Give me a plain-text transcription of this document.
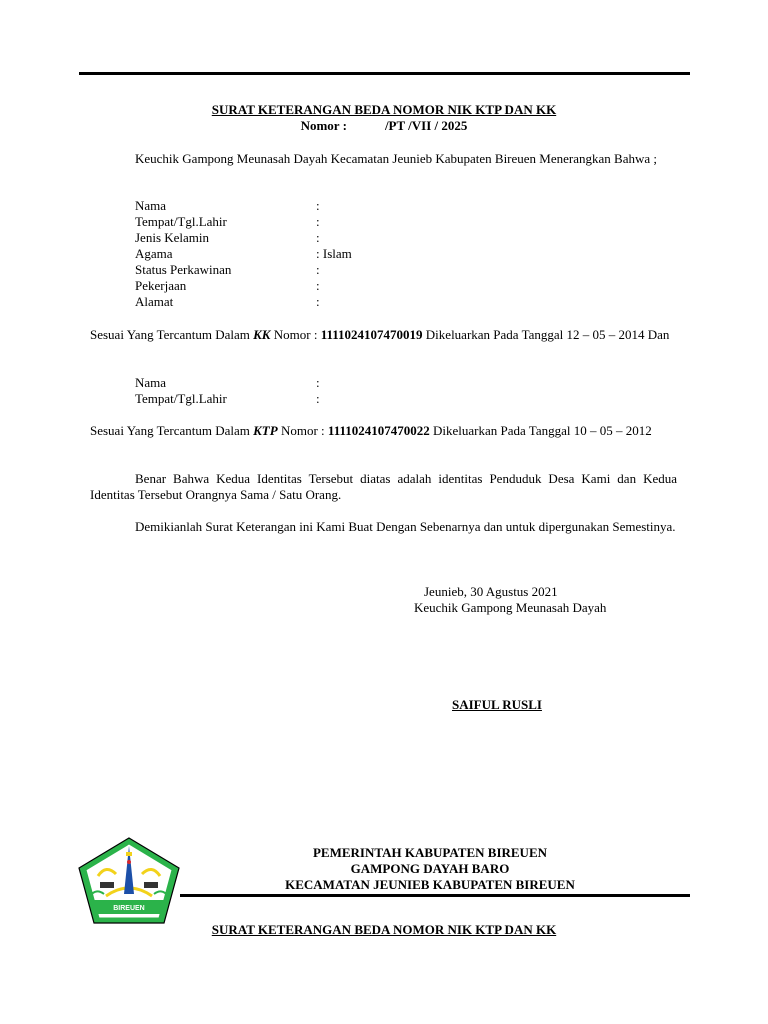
SURAT KETERANGAN BEDA NOMOR NIK KTP DAN KK
Nomor :	/PT /VII / 2025
Keuchik Gampong Meunasah Dayah Kecamatan Jeunieb Kabupaten Bireuen Menerangkan Bahwa ;
Nama	:
Tempat/Tgl.Lahir	:
Jenis Kelamin	:
Agama	: Islam
Status Perkawinan	:
Pekerjaan	:
Alamat	:
Sesuai Yang Tercantum Dalam KK Nomor : 1111024107470019 Dikeluarkan Pada Tanggal 12 – 05 – 2014 Dan
Nama	:
Tempat/Tgl.Lahir	:
Sesuai Yang Tercantum Dalam KTP Nomor : 1111024107470022 Dikeluarkan Pada Tanggal 10 – 05 – 2012
Benar Bahwa Kedua Identitas Tersebut diatas adalah identitas Penduduk Desa Kami dan Kedua Identitas Tersebut Orangnya Sama / Satu Orang.
Demikianlah Surat Keterangan ini Kami Buat Dengan Sebenarnya dan untuk dipergunakan Semestinya.
Jeunieb, 30 Agustus 2021
Keuchik Gampong Meunasah Dayah
SAIFUL RUSLI
BIREUEN
PEMERINTAH KABUPATEN BIREUEN
GAMPONG DAYAH BARO
KECAMATAN JEUNIEB KABUPATEN BIREUEN
SURAT KETERANGAN BEDA NOMOR NIK KTP DAN KK
